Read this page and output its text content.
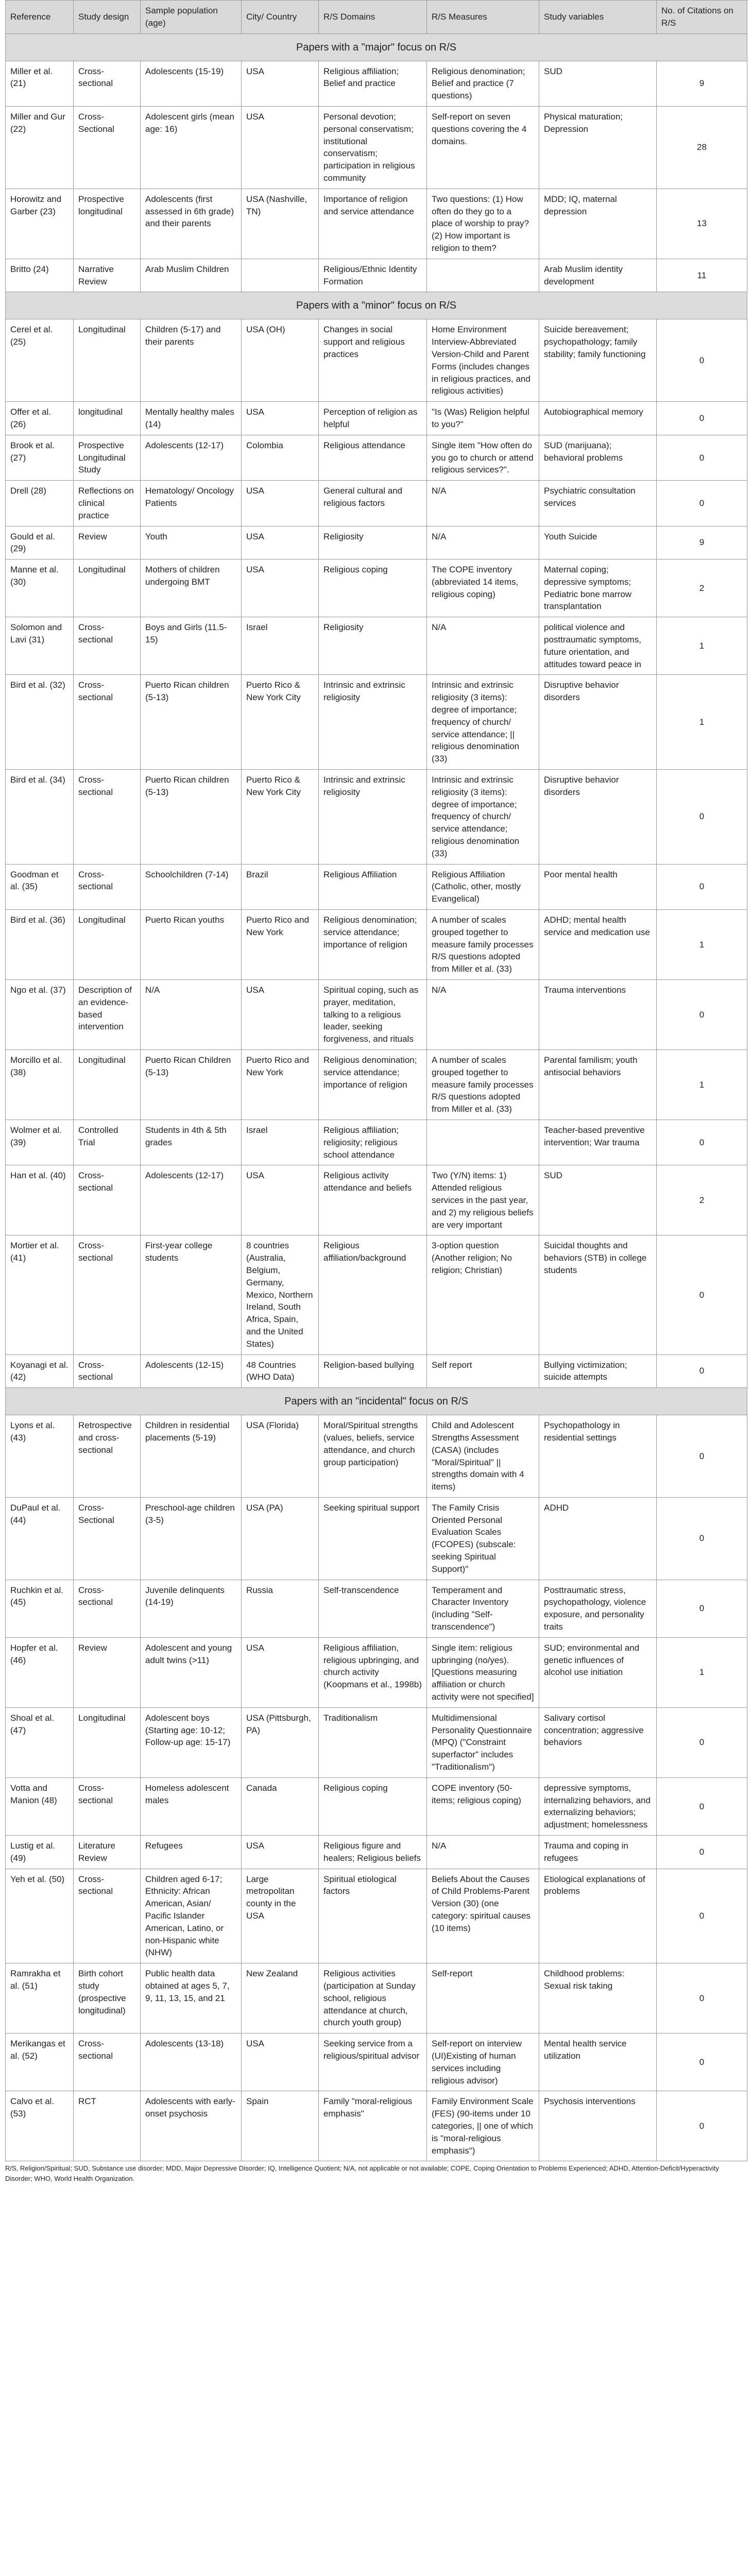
Reference	Study design	Sample population (age)	City/ Country	R/S Domains	R/S Measures	Study variables	No. of Citations on R/S
Papers with a "major" focus on R/S							
Miller et al. (21)	Cross-sectional	Adolescents (15-19)	USA	Religious affiliation; Belief and practice	Religious denomination; Belief and practice (7 questions)	SUD	9
Miller and Gur (22)	Cross-Sectional	Adolescent girls (mean age: 16)	USA	Personal devotion; personal conservatism; institutional conservatism; participation in religious community	Self-report on seven questions covering the 4 domains.	Physical maturation; Depression	28
Horowitz and Garber (23)	Prospective longitudinal	Adolescents (first assessed in 6th grade) and their parents	USA (Nashville, TN)	Importance of religion and service attendance	Two questions: (1) How often do they go to a place of worship to pray? (2) How important is religion to them?	MDD; IQ, maternal depression	13
Britto (24)	Narrative Review	Arab Muslim Children		Religious/Ethnic Identity Formation		Arab Muslim identity development	11
Papers with a "minor" focus on R/S							
Cerel et al. (25)	Longitudinal	Children (5-17) and their parents	USA (OH)	Changes in social support and religious practices	Home Environment Interview-Abbreviated Version-Child and Parent Forms (includes changes in religious practices, and religious activities)	Suicide bereavement; psychopathology; family stability; family functioning	0
Offer et al. (26)	longitudinal	Mentally healthy males (14)	USA	Perception of religion as helpful	"Is (Was) Religion helpful to you?"	Autobiographical memory	0
Brook et al. (27)	Prospective Longitudinal Study	Adolescents (12-17)	Colombia	Religious attendance	Single item "How often do you go to church or attend religious services?".	SUD (marijuana); behavioral problems	0
Drell (28)	Reflections on clinical practice	Hematology/ Oncology Patients	USA	General cultural and religious factors	N/A	Psychiatric consultation services	0
Gould et al. (29)	Review	Youth	USA	Religiosity	N/A	Youth Suicide	9
Manne et al. (30)	Longitudinal	Mothers of children undergoing BMT	USA	Religious coping	The COPE inventory (abbreviated 14 items, religious coping)	Maternal coping; depressive symptoms; Pediatric bone marrow transplantation	2
Solomon and Lavi (31)	Cross-sectional	Boys and Girls (11.5-15)	Israel	Religiosity	N/A	political violence and posttraumatic symptoms, future orientation, and attitudes toward peace in	1
Bird et al. (32)	Cross-sectional	Puerto Rican children (5-13)	Puerto Rico & New York City	Intrinsic and extrinsic religiosity	Intrinsic and extrinsic religiosity (3 items): degree of importance; frequency of church/ service attendance; || religious denomination (33)	Disruptive behavior disorders	1
Bird et al. (34)	Cross-sectional	Puerto Rican children (5-13)	Puerto Rico & New York City	Intrinsic and extrinsic religiosity	Intrinsic and extrinsic religiosity (3 items): degree of importance; frequency of church/ service attendance; religious denomination (33)	Disruptive behavior disorders	0
Goodman et al. (35)	Cross-sectional	Schoolchildren (7-14)	Brazil	Religious Affiliation	Religious Affiliation (Catholic, other, mostly Evangelical)	Poor mental health	0
Bird et al. (36)	Longitudinal	Puerto Rican youths	Puerto Rico and New York	Religious denomination; service attendance; importance of religion	A number of scales grouped together to measure family processes R/S questions adopted from Miller et al. (33)	ADHD; mental health service and medication use	1
Ngo et al. (37)	Description of an evidence-based intervention	N/A	USA	Spiritual coping, such as prayer, meditation, talking to a religious leader, seeking forgiveness, and rituals	N/A	Trauma interventions	0
Morcillo et al. (38)	Longitudinal	Puerto Rican Children (5-13)	Puerto Rico and New York	Religious denomination; service attendance; importance of religion	A number of scales grouped together to measure family processes R/S questions adopted from Miller et al. (33)	Parental familism; youth antisocial behaviors	1
Wolmer et al. (39)	Controlled Trial	Students in 4th & 5th grades	Israel	Religious affiliation; religiosity; religious school attendance		Teacher-based preventive intervention; War trauma	0
Han et al. (40)	Cross-sectional	Adolescents (12-17)	USA	Religious activity attendance and beliefs	Two (Y/N) items: 1) Attended religious services in the past year, and 2) my religious beliefs are very important	SUD	2
Mortier et al. (41)	Cross-sectional	First-year college students	8 countries (Australia, Belgium, Germany, Mexico, Northern Ireland, South Africa, Spain, and the United States)	Religious affiliation/background	3-option question (Another religion; No religion; Christian)	Suicidal thoughts and behaviors (STB) in college students	0
Koyanagi et al. (42)	Cross-sectional	Adolescents (12-15)	48 Countries (WHO Data)	Religion-based bullying	Self report	Bullying victimization; suicide attempts	0
Papers with an "incidental" focus on R/S							
Lyons et al. (43)	Retrospective and cross-sectional	Children in residential placements (5-19)	USA (Florida)	Moral/Spiritual strengths (values, beliefs, service attendance, and church group participation)	Child and Adolescent Strengths Assessment (CASA) (includes "Moral/Spiritual" || strengths domain with 4 items)	Psychopathology in residential settings	0
DuPaul et al. (44)	Cross-Sectional	Preschool-age children (3-5)	USA (PA)	Seeking spiritual support	The Family Crisis Oriented Personal Evaluation Scales (FCOPES) (subscale: seeking Spiritual Support)"	ADHD	0
Ruchkin et al. (45)	Cross-sectional	Juvenile delinquents (14-19)	Russia	Self-transcendence	Temperament and Character Inventory (including "Self-transcendence")	Posttraumatic stress, psychopathology, violence exposure, and personality traits	0
Hopfer et al. (46)	Review	Adolescent and young adult twins (>11)	USA	Religious affiliation, religious upbringing, and church activity (Koopmans et al., 1998b)	Single item: religious upbringing (no/yes). [Questions measuring affiliation or church activity were not specified]	SUD; environmental and genetic influences of alcohol use initiation	1
Shoal et al. (47)	Longitudinal	Adolescent boys (Starting age: 10-12; Follow-up age: 15-17)	USA (Pittsburgh, PA)	Traditionalism	Multidimensional Personality Questionnaire (MPQ) ("Constraint superfactor" includes "Traditionalism")	Salivary cortisol concentration; aggressive behaviors	0
Votta and Manion (48)	Cross-sectional	Homeless adolescent males	Canada	Religious coping	COPE inventory (50-items; religious coping)	depressive symptoms, internalizing behaviors, and externalizing behaviors; adjustment; homelessness	0
Lustig et al. (49)	Literature Review	Refugees	USA	Religious figure and healers; Religious beliefs	N/A	Trauma and coping in refugees	0
Yeh et al. (50)	Cross-sectional	Children aged 6-17; Ethnicity: African American, Asian/ Pacific Islander American, Latino, or non-Hispanic white (NHW)	Large metropolitan county in the USA	Spiritual etiological factors	Beliefs About the Causes of Child Problems-Parent Version (30) (one category: spiritual causes (10 items)	Etiological explanations of problems	0
Ramrakha et al. (51)	Birth cohort study (prospective longitudinal)	Public health data obtained at ages 5, 7, 9, 11, 13, 15, and 21	New Zealand	Religious activities (participation at Sunday school, religious attendance at church, church youth group)	Self-report	Childhood problems: Sexual risk taking	0
Merikangas et al. (52)	Cross-sectional	Adolescents (13-18)	USA	Seeking service from a religious/spiritual advisor	Self-report on interview (UI)Existing of human services including religious advisor)	Mental health service utilization	0
Calvo et al. (53)	RCT	Adolescents with early-onset psychosis	Spain	Family "moral-religious emphasis"	Family Environment Scale (FES) (90-items under 10 categories, || one of which is "moral-religious emphasis")	Psychosis interventions	0
R/S, Religion/Spiritual; SUD, Substance use disorder; MDD, Major Depressive Disorder; IQ, Intelligence Quotient; N/A, not applicable or not available; COPE, Coping Orientation to Problems Experienced; ADHD, Attention-Deficit/Hyperactivity Disorder; WHO, World Health Organization.
